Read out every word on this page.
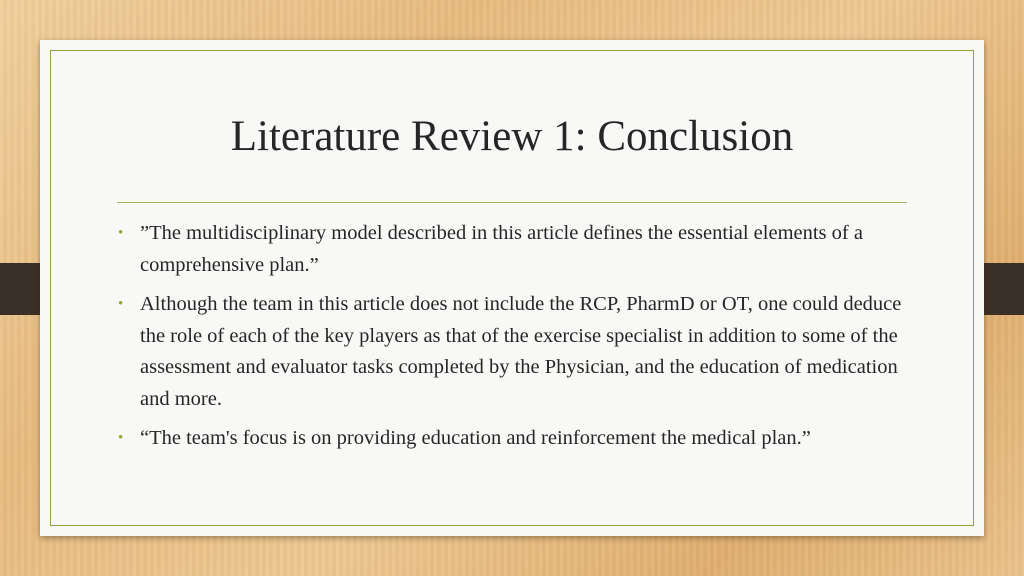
Literature Review 1: Conclusion
• ”The multidisciplinary model described in this article defines the essential elements of a comprehensive plan.”
• Although the team in this article does not include the RCP, PharmD or OT, one could deduce the role of each of the key players as that of the exercise specialist in addition to some of the assessment and evaluator tasks completed by the Physician, and the education of medication and more.
• “The team's focus is on providing education and reinforcement the medical plan.”
